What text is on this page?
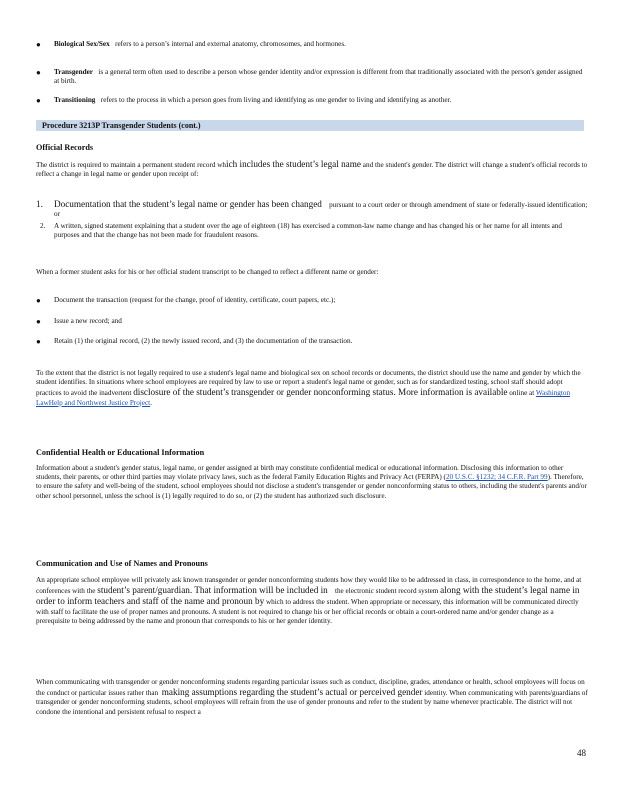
● Biological Sex/Sex refers to a person’s internal and external anatomy, chromosomes, and hormones.
● Transgender is a general term often used to describe a person whose gender identity and/or expression is different from that traditionally associated with the person's gender assigned at birth.
● Transitioning refers to the process in which a person goes from living and identifying as one gender to living and identifying as another.
Procedure 3213P Transgender Students (cont.)
Official Records
The district is required to maintain a permanent student record which includes the student’s legal name and the student's gender. The district will change a student's official records to reflect a change in legal name or gender upon receipt of:
1. Documentation that the student’s legal name or gender has been changed pursuant to a court order or through amendment of state or federally-issued identification; or
2. A written, signed statement explaining that a student over the age of eighteen (18) has exercised a common-law name change and has changed his or her name for all intents and purposes and that the change has not been made for fraudulent reasons.
When a former student asks for his or her official student transcript to be changed to reflect a different name or gender:
● Document the transaction (request for the change, proof of identity, certificate, court papers, etc.);
● Issue a new record; and
● Retain (1) the original record, (2) the newly issued record, and (3) the documentation of the transaction.
To the extent that the district is not legally required to use a student's legal name and biological sex on school records or documents, the district should use the name and gender by which the student identifies. In situations where school employees are required by law to use or report a student's legal name or gender, such as for standardized testing, school staff should adopt practices to avoid the inadvertent disclosure of the student’s transgender or gender nonconforming status. More information is available online at Washington LawHelp and Northwest Justice Project.
Confidential Health or Educational Information
Information about a student's gender status, legal name, or gender assigned at birth may constitute confidential medical or educational information. Disclosing this information to other students, their parents, or other third parties may violate privacy laws, such as the federal Family Education Rights and Privacy Act (FERPA) (20 U.S.C. §1232; 34 C.F.R. Part 99). Therefore, to ensure the safety and well-being of the student, school employees should not disclose a student's transgender or gender nonconforming status to others, including the student's parents and/or other school personnel, unless the school is (1) legally required to do so, or (2) the student has authorized such disclosure.
Communication and Use of Names and Pronouns
An appropriate school employee will privately ask known transgender or gender nonconforming students how they would like to be addressed in class, in correspondence to the home, and at conferences with the student’s parent/guardian. That information will be included in the electronic student record system along with the student’s legal name in order to inform teachers and staff of the name and pronoun by which to address the student. When appropriate or necessary, this information will be communicated directly with staff to facilitate the use of proper names and pronouns. A student is not required to change his or her official records or obtain a court-ordered name and/or gender change as a prerequisite to being addressed by the name and pronoun that corresponds to his or her gender identity.
When communicating with transgender or gender nonconforming students regarding particular issues such as conduct, discipline, grades, attendance or health, school employees will focus on the conduct or particular issues rather than making assumptions regarding the student’s actual or perceived gender identity. When communicating with parents/guardians of transgender or gender nonconforming students, school employees will refrain from the use of gender pronouns and refer to the student by name whenever practicable. The district will not condone the intentional and persistent refusal to respect a
48
